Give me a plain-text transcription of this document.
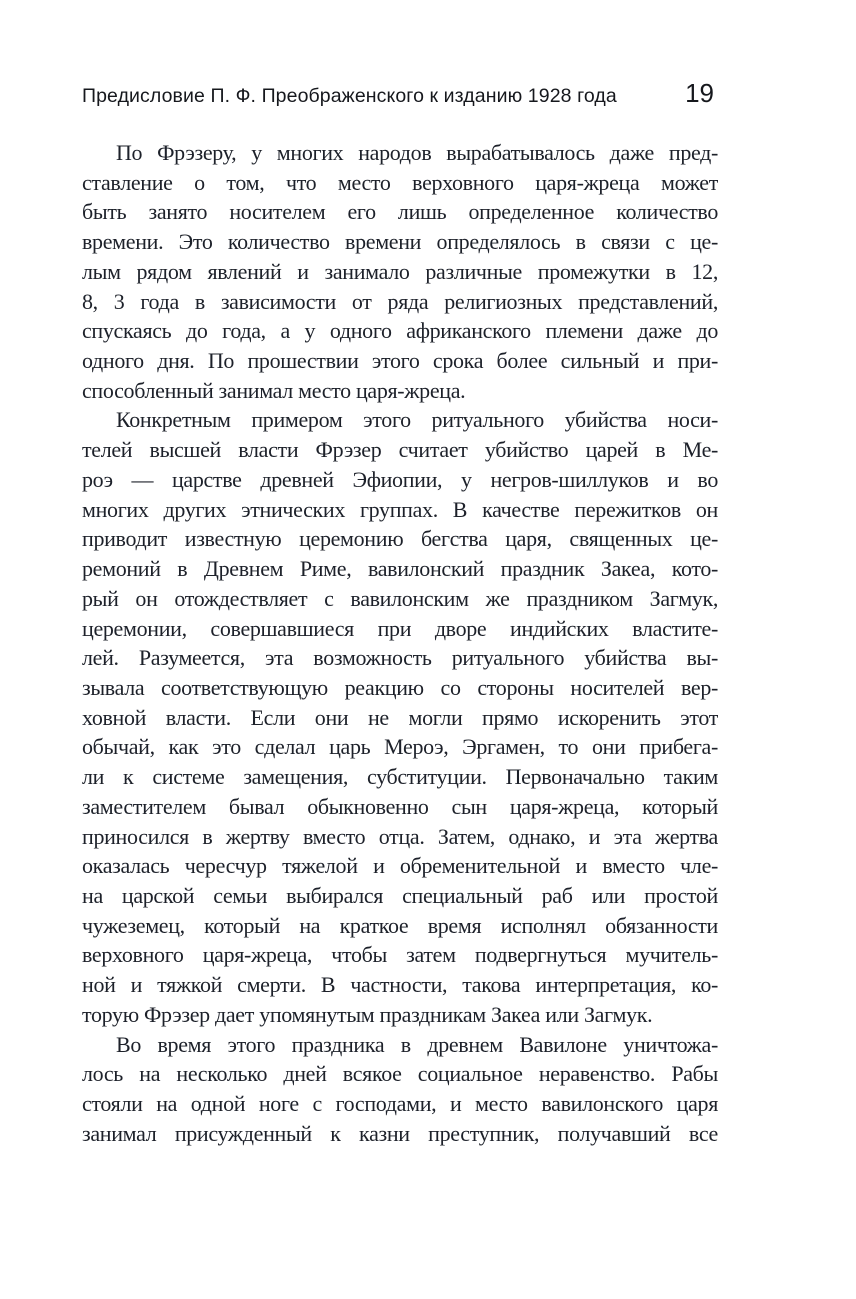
Предисловие П. Ф. Преображенского к изданию 1928 года	19
По Фрэзеру, у многих народов вырабатывалось даже пред-
ставление о том, что место верховного царя-жреца может
быть занято носителем его лишь определенное количество
времени. Это количество времени определялось в связи с це-
лым рядом явлений и занимало различные промежутки в 12,
8, 3 года в зависимости от ряда религиозных представлений,
спускаясь до года, а у одного африканского племени даже до
одного дня. По прошествии этого срока более сильный и при-
способленный занимал место царя-жреца.
Конкретным примером этого ритуального убийства носи-
телей высшей власти Фрэзер считает убийство царей в Ме-
роэ — царстве древней Эфиопии, у негров-шиллуков и во
многих других этнических группах. В качестве пережитков он
приводит известную церемонию бегства царя, священных це-
ремоний в Древнем Риме, вавилонский праздник Закеа, кото-
рый он отождествляет с вавилонским же праздником Загмук,
церемонии, совершавшиеся при дворе индийских властите-
лей. Разумеется, эта возможность ритуального убийства вы-
зывала соответствующую реакцию со стороны носителей вер-
ховной власти. Если они не могли прямо искоренить этот
обычай, как это сделал царь Мероэ, Эргамен, то они прибега-
ли к системе замещения, субституции. Первоначально таким
заместителем бывал обыкновенно сын царя-жреца, который
приносился в жертву вместо отца. Затем, однако, и эта жертва
оказалась чересчур тяжелой и обременительной и вместо чле-
на царской семьи выбирался специальный раб или простой
чужеземец, который на краткое время исполнял обязанности
верховного царя-жреца, чтобы затем подвергнуться мучитель-
ной и тяжкой смерти. В частности, такова интерпретация, ко-
торую Фрэзер дает упомянутым праздникам Закеа или Загмук.
Во время этого праздника в древнем Вавилоне уничтожа-
лось на несколько дней всякое социальное неравенство. Рабы
стояли на одной ноге с господами, и место вавилонского царя
занимал присужденный к казни преступник, получавший все
